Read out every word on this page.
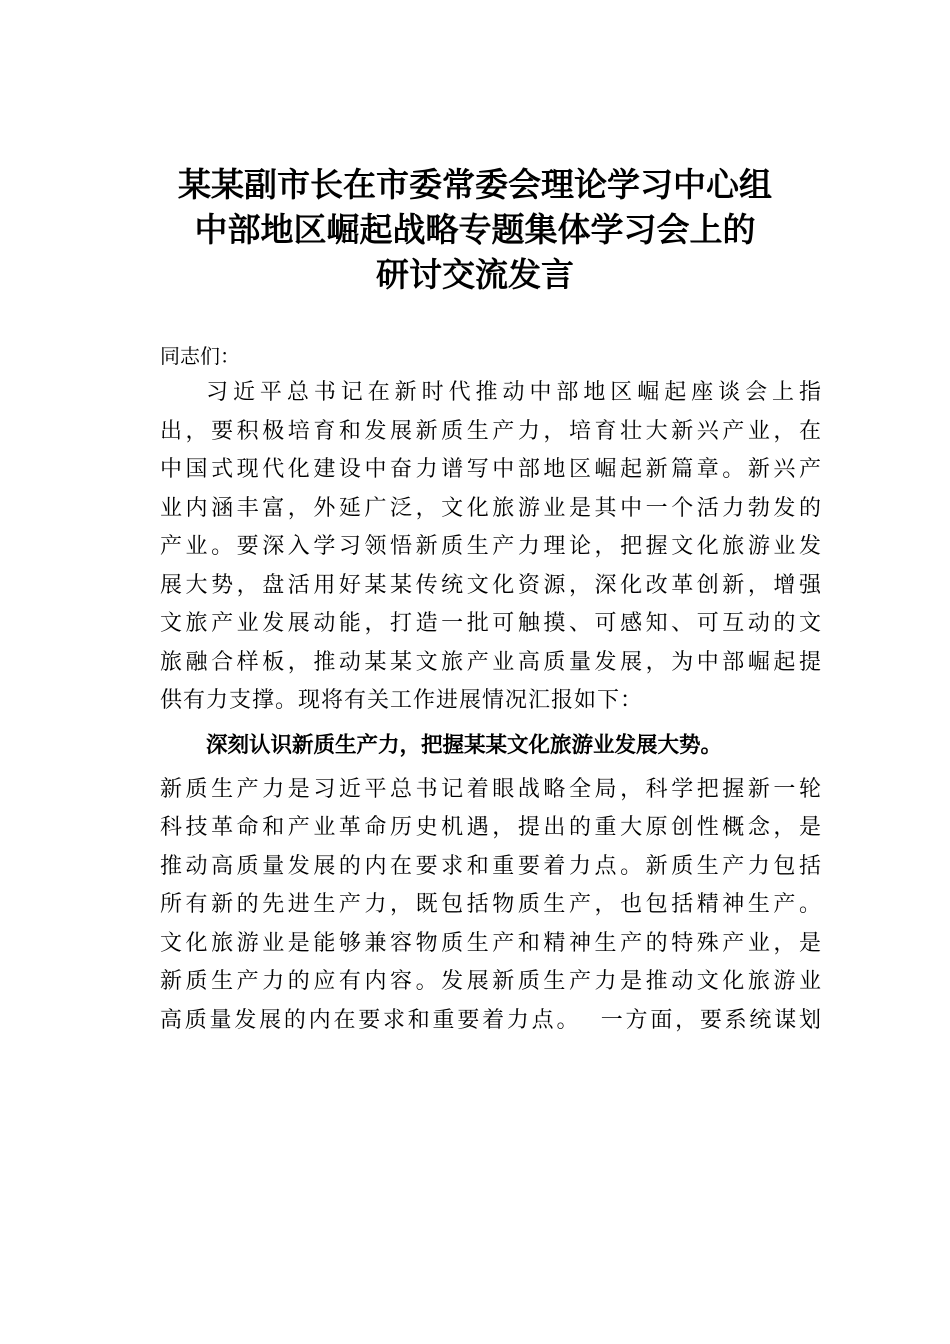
某某副市长在市委常委会理论学习中心组
中部地区崛起战略专题集体学习会上的
研讨交流发言

同志们：

习近平总书记在新时代推动中部地区崛起座谈会上指
出，要积极培育和发展新质生产力，培育壮大新兴产业，在
中国式现代化建设中奋力谱写中部地区崛起新篇章。新兴产
业内涵丰富，外延广泛，文化旅游业是其中一个活力勃发的
产业。要深入学习领悟新质生产力理论，把握文化旅游业发
展大势，盘活用好某某传统文化资源，深化改革创新，增强
文旅产业发展动能，打造一批可触摸、可感知、可互动的文
旅融合样板，推动某某文旅产业高质量发展，为中部崛起提
供有力支撑。现将有关工作进展情况汇报如下：

深刻认识新质生产力，把握某某文化旅游业发展大势。

新质生产力是习近平总书记着眼战略全局，科学把握新一轮
科技革命和产业革命历史机遇，提出的重大原创性概念，是
推动高质量发展的内在要求和重要着力点。新质生产力包括
所有新的先进生产力，既包括物质生产，也包括精神生产。
文化旅游业是能够兼容物质生产和精神生产的特殊产业，是
新质生产力的应有内容。发展新质生产力是推动文化旅游业
高质量发展的内在要求和重要着力点。  一方面，要系统谋划
